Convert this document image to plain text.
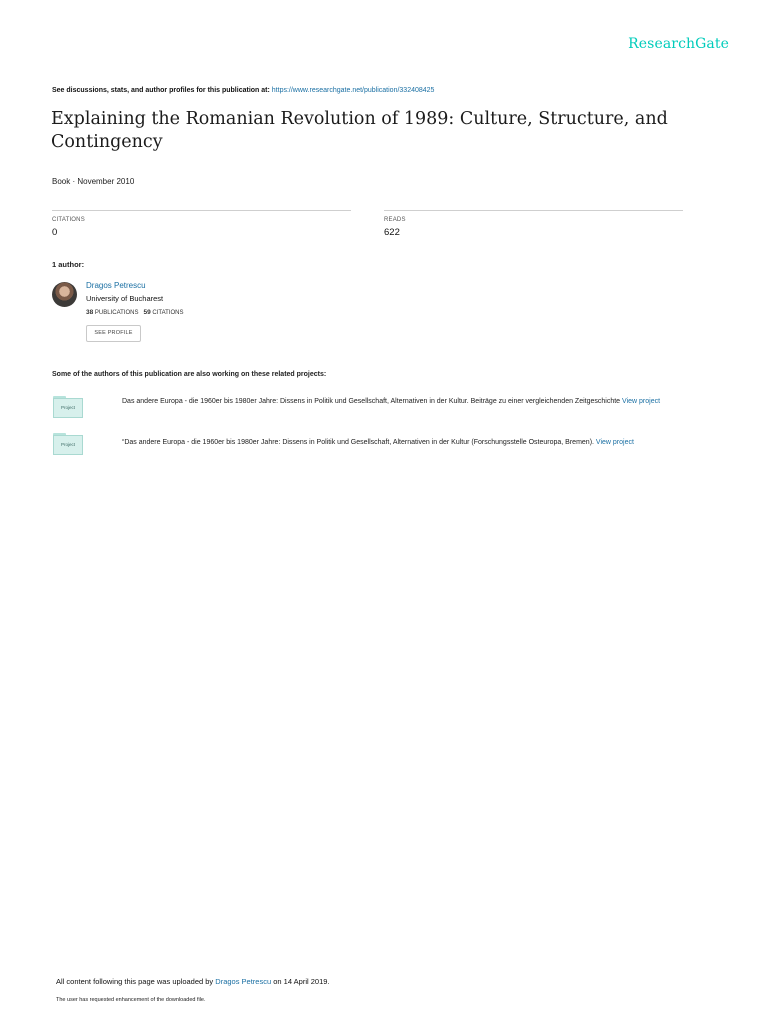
ResearchGate
See discussions, stats, and author profiles for this publication at: https://www.researchgate.net/publication/332408425
Explaining the Romanian Revolution of 1989: Culture, Structure, and Contingency
Book · November 2010
CITATIONS
0
READS
622
1 author:
Dragos Petrescu
University of Bucharest
38 PUBLICATIONS 59 CITATIONS
SEE PROFILE
Some of the authors of this publication are also working on these related projects:
Project
Das andere Europa - die 1960er bis 1980er Jahre: Dissens in Politik und Gesellschaft, Alternativen in der Kultur. Beiträge zu einer vergleichenden Zeitgeschichte View project
Project	“Das andere Europa - die 1960er bis 1980er Jahre: Dissens in Politik und Gesellschaft, Alternativen in der Kultur (Forschungsstelle Osteuropa, Bremen). View project
All content following this page was uploaded by Dragos Petrescu on 14 April 2019.
The user has requested enhancement of the downloaded file.
